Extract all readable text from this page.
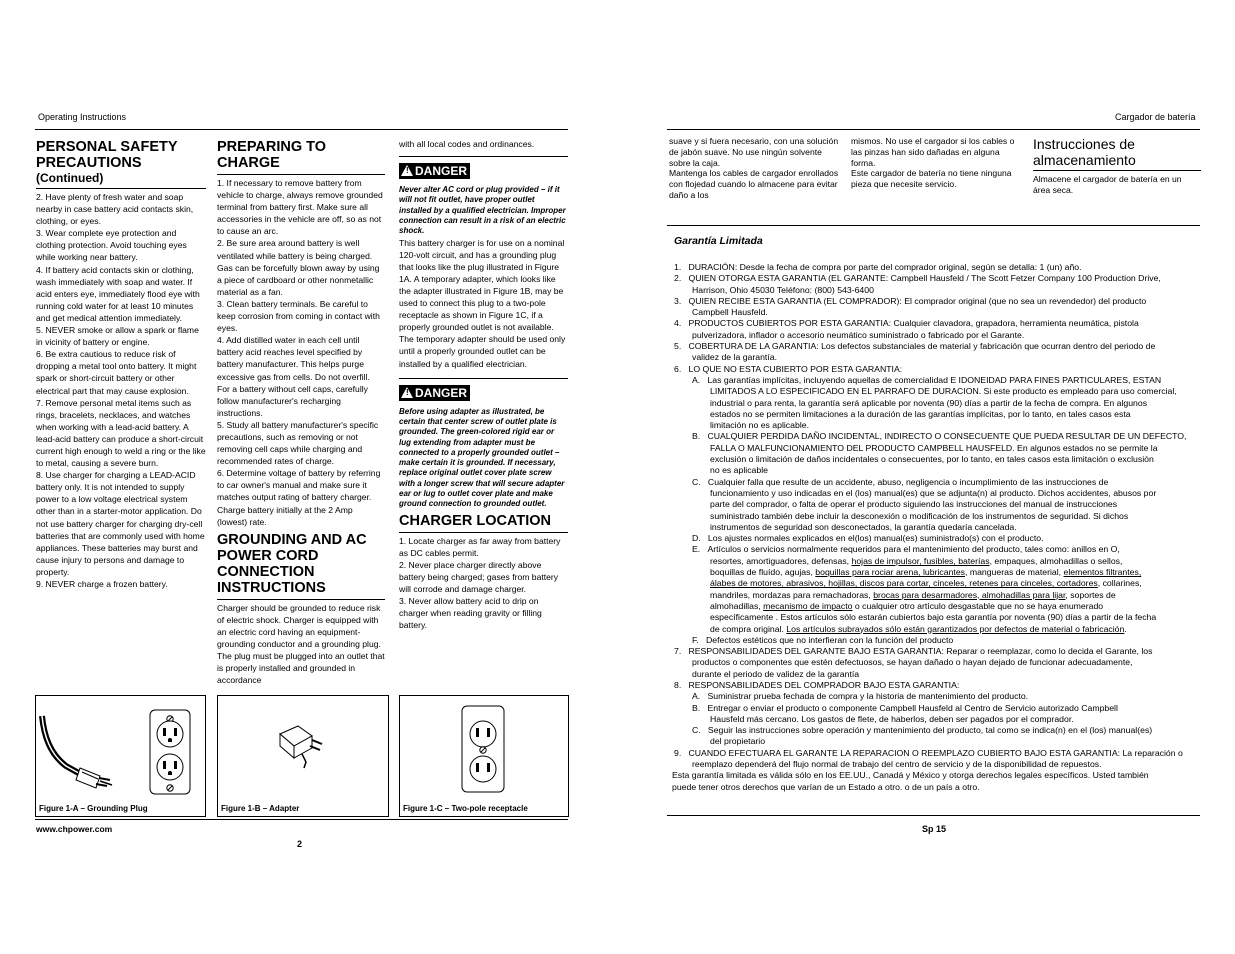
Operating Instructions	Cargador de batería

PERSONAL SAFETY PRECAUTIONS

(Continued)

2. Have plenty of fresh water and soap nearby in case battery acid contacts skin, clothing, or eyes.

3. Wear complete eye protection and clothing protection. Avoid touching eyes while working near battery.

4. If battery acid contacts skin or clothing, wash immediately with soap and water. If acid enters eye, immediately flood eye with running cold water for at least 10 minutes and get medical attention immediately.

5. NEVER smoke or allow a spark or flame in vicinity of battery or engine.

6. Be extra cautious to reduce risk of dropping a metal tool onto battery. It might spark or short-circuit battery or other electrical part that may cause explosion.

7. Remove personal metal items such as rings, bracelets, necklaces, and watches when working with a lead-acid battery. A lead-acid battery can produce a short-circuit current high enough to weld a ring or the like to metal, causing a severe burn.

8. Use charger for charging a LEAD-ACID battery only. It is not intended to supply power to a low voltage electrical system other than in a starter-motor application. Do not use battery charger for charging dry-cell batteries that are commonly used with home appliances. These batteries may burst and cause injury to persons and damage to property.

9. NEVER charge a frozen battery.

PREPARING TO CHARGE

1. If necessary to remove battery from vehicle to charge, always remove grounded terminal from battery first. Make sure all accessories in the vehicle are off, so as not to cause an arc.

2. Be sure area around battery is well ventilated while battery is being charged. Gas can be forcefully blown away by using a piece of cardboard or other nonmetallic material as a fan.

3. Clean battery terminals. Be careful to keep corrosion from coming in contact with eyes.

4. Add distilled water in each cell until battery acid reaches level specified by battery manufacturer. This helps purge excessive gas from cells. Do not overfill. For a battery without cell caps, carefully follow manufacturer's recharging instructions.

5. Study all battery manufacturer's specific precautions, such as removing or not removing cell caps while charging and recommended rates of charge.

6. Determine voltage of battery by referring to car owner's manual and make sure it matches output rating of battery charger. Charge battery initially at the 2 Amp (lowest) rate.

GROUNDING AND AC POWER CORD CONNECTION INSTRUCTIONS

Charger should be grounded to reduce risk of electric shock. Charger is equipped with an electric cord having an equipment-grounding conductor and a grounding plug. The plug must be plugged into an outlet that is properly installed and grounded in accordance

with all local codes and ordinances.

! DANGER

Never alter AC cord or plug provided – if it will not fit outlet, have proper outlet installed by a qualified electrician. Improper connection can result in a risk of an electric shock.

This battery charger is for use on a nominal 120-volt circuit, and has a grounding plug that looks like the plug illustrated in Figure 1A. A temporary adapter, which looks like the adapter illustrated in Figure 1B, may be used to connect this plug to a two-pole receptacle as shown in Figure 1C, if a properly grounded outlet is not available. The temporary adapter should be used only until a properly grounded outlet can be installed by a qualified electrician.

! DANGER

Before using adapter as illustrated, be certain that center screw of outlet plate is grounded. The green-colored rigid ear or lug extending from adapter must be connected to a properly grounded outlet – make certain it is grounded. If necessary, replace original outlet cover plate screw with a longer screw that will secure adapter ear or lug to outlet cover plate and make ground connection to grounded outlet.

CHARGER LOCATION

1. Locate charger as far away from battery as DC cables permit.

2. Never place charger directly above battery being charged; gases from battery will corrode and damage charger.

3. Never allow battery acid to drip on charger when reading gravity or filling battery.

Figure 1-A – Grounding Plug	Figure 1-B – Adapter	Figure 1-C – Two-pole receptacle
www.chpower.com
2
suave y si fuera necesario, con una solución de jabón suave. No use ningún solvente sobre la caja.
Mantenga los cables de cargador enrollados con flojedad cuando lo almacene para evitar daño a los
mismos. No use el cargador si los cables o las pinzas han sido dañadas en alguna forma.
Este cargador de batería no tiene ninguna pieza que necesite servicio.
Instrucciones de almacenamiento
Almacene el cargador de batería en un área seca.
Garantía Limitada
1.   DURACIÓN: Desde la fecha de compra por parte del comprador original, según se detalla: 1 (un) año.
2.   QUIEN OTORGA ESTA GARANTIA (EL GARANTE: Campbell Hausfeld / The Scott Fetzer Company 100 Production Drive,
Harrison, Ohio 45030 Teléfono: (800) 543-6400
3.   QUIEN RECIBE ESTA GARANTIA (EL COMPRADOR): El comprador original (que no sea un revendedor) del producto
Campbell Hausfeld.
4.   PRODUCTOS CUBIERTOS POR ESTA GARANTIA: Cualquier clavadora, grapadora, herramienta neumática, pistola
pulverizadora, inflador o accesorio neumático suministrado o fabricado por el Garante.
5.   COBERTURA DE LA GARANTIA: Los defectos substanciales de material y fabricación que ocurran dentro del periodo de
validez de la garantía.
6.   LO QUE NO ESTA CUBIERTO POR ESTA GARANTIA:
A.   Las garantías implícitas, incluyendo aquellas de comercialidad E IDONEIDAD PARA FINES PARTICULARES, ESTAN
LIMITADOS A LO ESPECIFICADO EN EL PARRAFO DE DURACION. Si este producto es empleado para uso comercial,
industrial o para renta, la garantía será aplicable por noventa (90) días a partir de la fecha de compra. En algunos
estados no se permiten limitaciones a la duración de las garantías implícitas, por lo tanto, en tales casos esta
limitación no es aplicable.
B.   CUALQUIER PERDIDA DAÑO INCIDENTAL, INDIRECTO O CONSECUENTE QUE PUEDA RESULTAR DE UN DEFECTO,
FALLA O MALFUNCIONAMIENTO DEL PRODUCTO CAMPBELL HAUSFELD. En algunos estados no se permite la
exclusión o limitación de daños incidentales o consecuentes, por lo tanto, en tales casos esta limitación o exclusión
no es aplicable
C.   Cualquier falla que resulte de un accidente, abuso, negligencia o incumplimiento de las instrucciones de
funcionamiento y uso indicadas en el (los) manual(es) que se adjunta(n) al producto. Dichos accidentes, abusos por
parte del comprador, o falta de operar el producto siguiendo las instrucciones del manual de instrucciones
suministrado también debe incluir la desconexión o modificación de los instrumentos de seguridad. Si dichos
instrumentos de seguridad son desconectados, la garantía quedaría cancelada.
D.   Los ajustes normales explicados en el(los) manual(es) suministrado(s) con el producto.
E.   Artículos o servicios normalmente requeridos para el mantenimiento del producto, tales como: anillos en O,
resortes, amortiguadores, defensas, hojas de impulsor, fusibles, baterías, empaques, almohadillas o sellos,
boquillas de fluído, agujas, boquillas para rociar arena, lubricantes, mangueras de material, elementos filtrantes,
álabes de motores, abrasivos, hojillas, discos para cortar, cinceles, retenes para cinceles, cortadores, collarines,
mandriles, mordazas para remachadoras, brocas para desarmadores, almohadillas para lijar, soportes de
almohadillas, mecanismo de impacto o cualquier otro artículo desgastable que no se haya enumerado
específicamente . Estos artículos sólo estarán cubiertos bajo esta garantía por noventa (90) días a partir de la fecha
de compra original. Los artículos subrayados sólo están garantizados por defectos de material o fabricación.
F.   Defectos estéticos que no interfieran con la función del producto
7.   RESPONSABILIDADES DEL GARANTE BAJO ESTA GARANTIA: Reparar o reemplazar, como lo decida el Garante, los
productos o componentes que estén defectuosos, se hayan dañado o hayan dejado de funcionar adecuadamente,
durante el periodo de validez de la garantía
8.   RESPONSABILIDADES DEL COMPRADOR BAJO ESTA GARANTIA:
A.   Suministrar prueba fechada de compra y la historia de mantenimiento del producto.
B.   Entregar o enviar el producto o componente Campbell Hausfeld al Centro de Servicio autorizado Campbell
Hausfeld más cercano. Los gastos de flete, de haberlos, deben ser pagados por el comprador.
C.   Seguir las instrucciones sobre operación y mantenimiento del producto, tal como se indica(n) en el (los) manual(es)
del propietario
9.   CUANDO EFECTUARA EL GARANTE LA REPARACION O REEMPLAZO CUBIERTO BAJO ESTA GARANTIA: La reparación o
reemplazo dependerá del flujo normal de trabajo del centro de servicio y de la disponibilidad de repuestos.
Esta garantía limitada es válida sólo en los EE.UU., Canadá y México y otorga derechos legales específicos. Usted también
puede tener otros derechos que varían de un Estado a otro. o de un país a otro.
Sp 15
